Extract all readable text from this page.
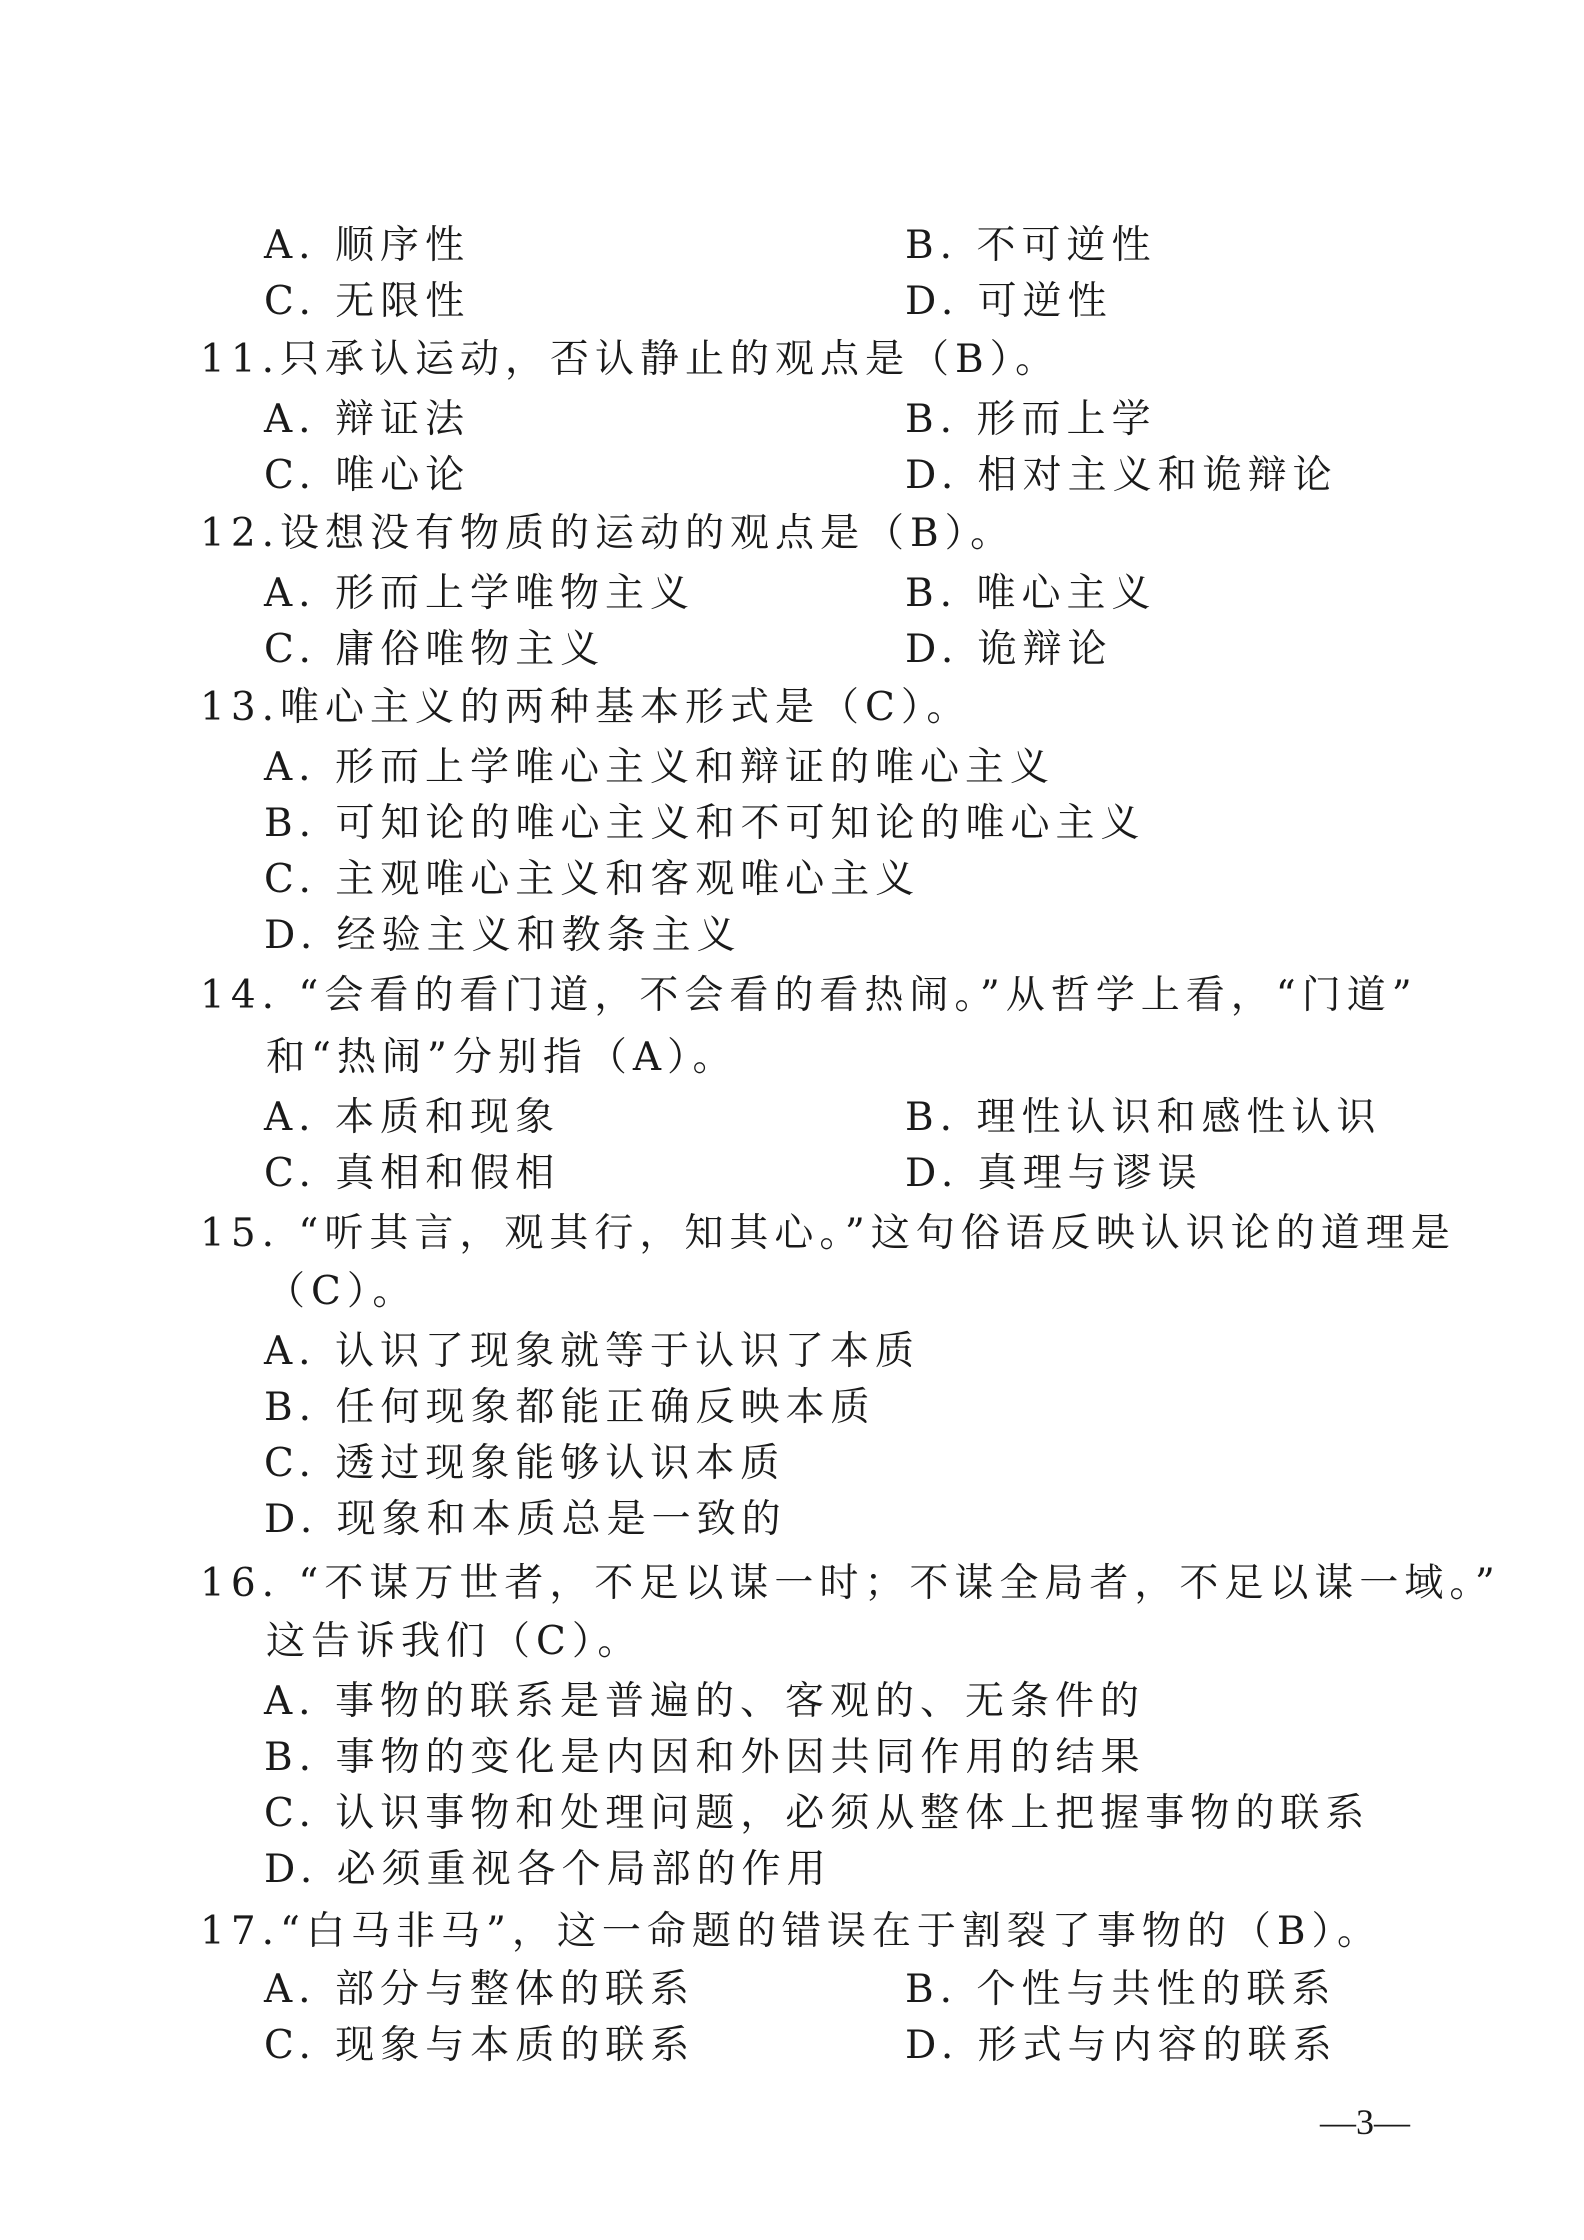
A. 顺序性	B. 不可逆性
C. 无限性	D. 可逆性
11.只承认运动，否认静止的观点是（B）。
A. 辩证法	B. 形而上学
C. 唯心论	D. 相对主义和诡辩论
12.设想没有物质的运动的观点是（B）。
A. 形而上学唯物主义	B. 唯心主义
C. 庸俗唯物主义	D. 诡辩论
13.唯心主义的两种基本形式是（C）。
A. 形而上学唯心主义和辩证的唯心主义
B. 可知论的唯心主义和不可知论的唯心主义
C. 主观唯心主义和客观唯心主义
D. 经验主义和教条主义
14. “会看的看门道，不会看的看热闹。”从哲学上看，“门道”
和“热闹”分别指（A）。
A. 本质和现象	B. 理性认识和感性认识
C. 真相和假相	D. 真理与谬误
15. “听其言，观其行，知其心。”这句俗语反映认识论的道理是
（C）。
A. 认识了现象就等于认识了本质
B. 任何现象都能正确反映本质
C. 透过现象能够认识本质
D. 现象和本质总是一致的
16. “不谋万世者，不足以谋一时；不谋全局者，不足以谋一域。”
这告诉我们（C）。
A. 事物的联系是普遍的、客观的、无条件的
B. 事物的变化是内因和外因共同作用的结果
C. 认识事物和处理问题，必须从整体上把握事物的联系
D. 必须重视各个局部的作用
17.“白马非马”，这一命题的错误在于割裂了事物的（B）。
A. 部分与整体的联系	B. 个性与共性的联系
C. 现象与本质的联系	D. 形式与内容的联系
—3—
